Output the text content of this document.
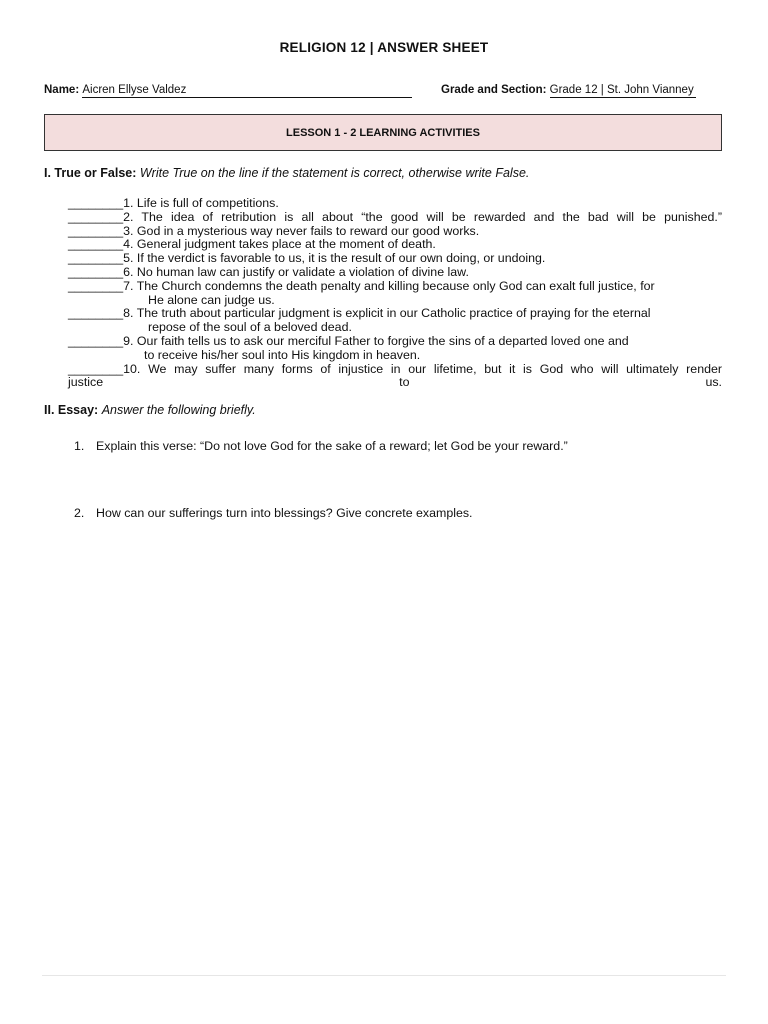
RELIGION 12 | ANSWER SHEET
Name: Aicren Ellyse Valdez	Grade and Section: Grade 12 | St. John Vianney
LESSON 1 - 2 LEARNING ACTIVITIES
I. True or False: Write True on the line if the statement is correct, otherwise write False.
________1. Life is full of competitions.
________2. The idea of retribution is all about “the good will be rewarded and the bad will be punished.”
________3. God in a mysterious way never fails to reward our good works.
________4. General judgment takes place at the moment of death.
________5. If the verdict is favorable to us, it is the result of our own doing, or undoing.
________6. No human law can justify or validate a violation of divine law.
________7. The Church condemns the death penalty and killing because only God can exalt full justice, for
He alone can judge us.
________8. The truth about particular judgment is explicit in our Catholic practice of praying for the eternal
repose of the soul of a beloved dead.
________9. Our faith tells us to ask our merciful Father to forgive the sins of a departed loved one and
to receive his/her soul into His kingdom in heaven.
________10. We may suffer many forms of injustice in our lifetime, but it is God who will ultimately render
justice to us.
II. Essay: Answer the following briefly.
1. Explain this verse: “Do not love God for the sake of a reward; let God be your reward.”
2. How can our sufferings turn into blessings? Give concrete examples.
